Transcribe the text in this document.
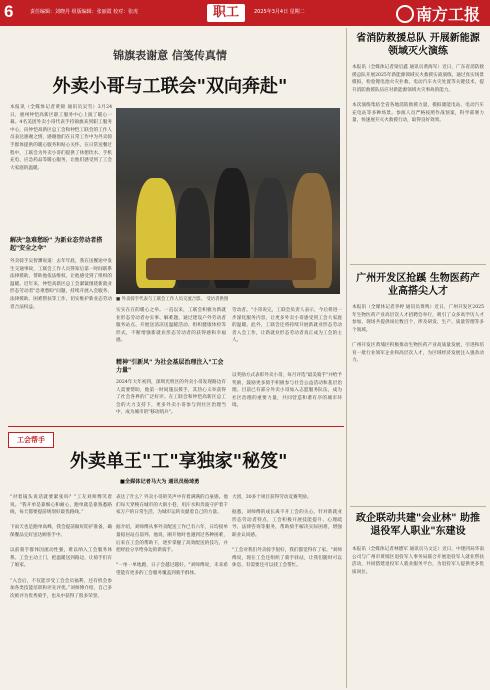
6	责任编辑：刘晓丹 组版编辑：张丽霞 校对：张虎	职工	2025年3月4日 星期二	南方工报
锦旗表谢意 信笺传真情
外卖小哥与工联会"双向奔赴"
本报讯（全媒体记者黄锦 通讯员吴雪）3月24日，惠州仲恺高新区职工服务中心上演了暖心一幕。4名美团外卖小哥代表手持锦旗来到职工服务中心，向仲恺高新区总工会和仲恺工联会的工作人员表达感谢之情，感谢他们在日常工作中为外卖骑手群体提供的暖心服务和贴心关怀。在日常送餐过程中，工联会为外卖小哥们提供了休憩饮水、手机充电、应急药品等暖心服务，让他们感受到了工会大家庭的温暖。
解决"急难愁盼" 为新业态劳动者搭起"安全之伞"
外卖骑手吴智渊说道：去年年底，我在送餐途中发生交通事故，工联会工作人员得知后第一时间联系法律援助，帮助他依法维权，让他感受到了组织的温暖。近年来，仲恺高新区总工会紧紧围绕新就业形态劳动者"急难愁盼"问题，持续开展入会服务、法律援助、困难帮扶等工作，切实维护新业态劳动者合法权益。
■ 外卖骑手代表与工联会工作人员交流合影。 受访者供图
实实在在的暖心之举。一直以来，工联会积极为新就业形态劳动者办实事、解难题，通过建设户外劳动者服务站点、开展送清凉送温暖活动、组织健康体检等形式，不断增强新就业形态劳动者的获得感和幸福感。
精神"引新风" 为社会基层治理注入"工会力量"
2024年大年初四，深圳光明区的外卖小哥发现路边有人需要帮助，他第一时间施以援手，其热心义举获得了社会各界的广泛好评。在工联会和仲恺高新区总工会的大力支持下，更多外卖小哥参与到社区治理当中，成为城市的"移动哨兵"。
劳动者。"小哥说完，工联会负责人表示，今后将进一步深化服务内容，让更多外卖小哥感受到工会大家庭的温暖。此外，工联会还将持续开展新就业形态劳动者入会工作，让新就业形态劳动者真正成为工会的主人。
以奖励方式表彰外卖小哥，每月评选"最美骑手"并给予奖励，鼓励更多骑手积极参与社会公益活动和基层治理。目前已有部分外卖小哥加入志愿服务队伍，成为社区治理的重要力量，共同营造和谐有序的城市环境。
工会帮手
外卖单王"工"享独家"秘笈"
■全媒体记者马大为 通讯员杨琦勇
"对着镜头说话就要紧张吗？"工友刘师傅笑着说。“我开单是靠细心和耐心，跑单就是靠熟悉路线，每天都要提前规划好最优路线。”

下雨天也是跑单高峰，我会提前做好防护准备，确保餐品完好送达顾客手中。

以前骑手群体因流动性强，难以纳入工会服务体系。工会主动上门，把温暖送到路边，让骑手们有了娘家。

“入会后，不仅能享受工会会员福利，还有机会参加各类技能培训和评先评优。”刘师傅介绍，自己多次被评为优秀骑手，也从中获得了很多荣誉。
表达了什么？外卖小哥的笑声中有着满满的自豪感。他们每天穿梭在城市的大街小巷，用汗水和奔波守护着千家万户的日常生活，为城市运转贡献着自己的力量。

据介绍，刘师傅从事外卖配送工作已有六年，日均接单量稳居站点前列。他说，刚开始时也遇到过各种困难，后来在工会的帮助下，逐步掌握了高效配送的技巧，并把经验分享给身边的新骑手。

"一单一单地跑，日子会越过越好。"刘师傅说，未来希望能有更多的工会服务覆盖到骑手群体。
大团，30多个项目获得劳动竞赛奖励。

据悉，刘师傅的成长离不开工会的关心。针对新就业形态劳动者特点，工会积极开展技能提升、心理疏导、法律咨询等服务，帮助骑手解决实际困难，增强职业认同感。

"工会对我们外卖骑手很好，我们都觉得有了家。"刘师傅说，现在工会还组织了骑手驿站，让我们随时可以休息，有需要还可以找工会帮忙。
省消防救援总队 开展新能源领域灭火演练
本报讯（全媒体记者梁启鑫 通讯员黄海军）近日，广东省消防救援总队开展2025年新能源领域灭火救援实战演练，通过真实场景模拟，检验锂电池火灾扑救、电动汽车火灾处置等关键技术，提升消防救援队伍应对新能源领域火灾事故的能力。

本次演练集结全省各地消防救援力量，模拟储能电站、电动汽车充电站等多种场景。参演人员严格按照作战预案，科学部署力量，快速展开灭火救援行动，取得良好效果。
广州开发区抢蹊 生物医药产业高搭尖人才
本报讯（全媒体记者李婷 通讯员黄鸣）近日，广州开发区2025年生物医药产业高层次人才招聘会举行，吸引了众多高学历人才参加，现场共提供岗位数百个，涉及研发、生产、质量管理等多个领域。

广州开发区黄埔区积极推动生物医药产业高质量发展，引进和培育一批行业领军企业和高层次人才，为区域经济发展注入强劲动力。
政企联动共建"会业林" 助推退役军人职业"东建设
本报讯（全媒体记者林德军 通讯员马文定）近日，中建四局华南公司与广州市黄埔区退役军人事务局联合开展退役军人就业帮扶活动，共同搭建退役军人就业服务平台，为退役军人提供更多优质岗位。
